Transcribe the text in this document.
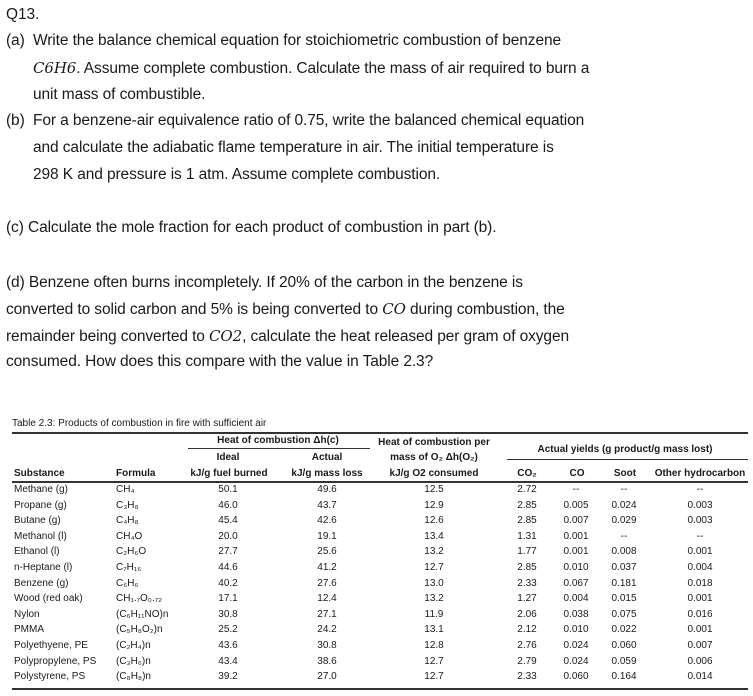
Q13.
(a) Write the balance chemical equation for stoichiometric combustion of benzene
C6H6. Assume complete combustion. Calculate the mass of air required to burn a
unit mass of combustible.
(b) For a benzene-air equivalence ratio of 0.75, write the balanced chemical equation
and calculate the adiabatic flame temperature in air. The initial temperature is
298 K and pressure is 1 atm. Assume complete combustion.
(c) Calculate the mole fraction for each product of combustion in part (b).
(d) Benzene often burns incompletely. If 20% of the carbon in the benzene is
converted to solid carbon and 5% is being converted to CO during combustion, the
remainder being converted to CO2, calculate the heat released per gram of oxygen
consumed. How does this compare with the value in Table 2.3?
Table 2.3: Products of combustion in fire with sufficient air
Heat of combustion Δh(c)	Heat of combustion per
mass of O₂ Δh(O₂)
Actual yields (g product/g mass lost)
Ideal	Actual
Substance	Formula	kJ/g fuel burned	kJ/g mass loss	kJ/g O2 consumed	CO₂	CO	Soot	Other hydrocarbon
Methane (g)	CH₄	50.1	49.6	12.5	2.72	--	--	--
Propane (g)	C₃H₈	46.0	43.7	12.9	2.85	0.005	0.024	0.003
Butane (g)	C₄H₈	45.4	42.6	12.6	2.85	0.007	0.029	0.003
Methanol (l)	CH₄O	20.0	19.1	13.4	1.31	0.001	--	--
Ethanol (l)	C₂H₆O	27.7	25.6	13.2	1.77	0.001	0.008	0.001
n-Heptane (l)	C₇H₁₆	44.6	41.2	12.7	2.85	0.010	0.037	0.004
Benzene (g)	C₆H₆	40.2	27.6	13.0	2.33	0.067	0.181	0.018
Wood (red oak)	CH₁.₇O₀.₇₂	17.1	12.4	13.2	1.27	0.004	0.015	0.001
Nylon	(C₆H₁₁NO)n	30.8	27.1	11.9	2.06	0.038	0.075	0.016
PMMA	(C₅H₈O₂)n	25.2	24.2	13.1	2.12	0.010	0.022	0.001
Polyethyene, PE	(C₂H₄)n	43.6	30.8	12.8	2.76	0.024	0.060	0.007
Polypropylene, PS	(C₃H₆)n	43.4	38.6	12.7	2.79	0.024	0.059	0.006
Polystyrene, PS	(C₈H₈)n	39.2	27.0	12.7	2.33	0.060	0.164	0.014
